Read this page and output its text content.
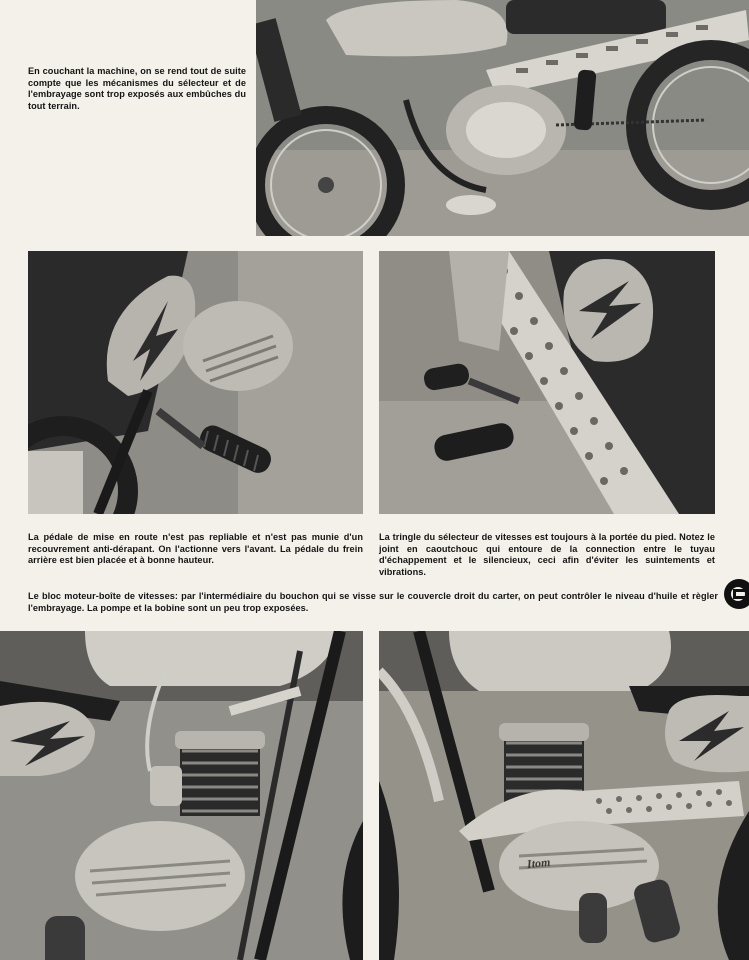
En couchant la machine, on se rend tout de suite compte que les mécanismes du sélecteur et de l'embrayage sont trop exposés aux embûches du tout terrain.
La pédale de mise en route n'est pas repliable et n'est pas munie d'un recouvrement anti-dérapant. On l'actionne vers l'avant. La pédale du frein arrière est bien placée et à bonne hauteur.
La tringle du sélecteur de vitesses est toujours à la portée du pied. Notez le joint en caoutchouc qui entoure de la connection entre le tuyau d'échappement et le silencieux, ceci afin d'éviter les suintements et vibrations.
Le bloc moteur-boîte de vitesses: par l'intermédiaire du bouchon qui se visse sur le couvercle droit du carter, on peut contrôler le niveau d'huile et règler l'embrayage. La pompe et la bobine sont un peu trop exposées.
Itom
